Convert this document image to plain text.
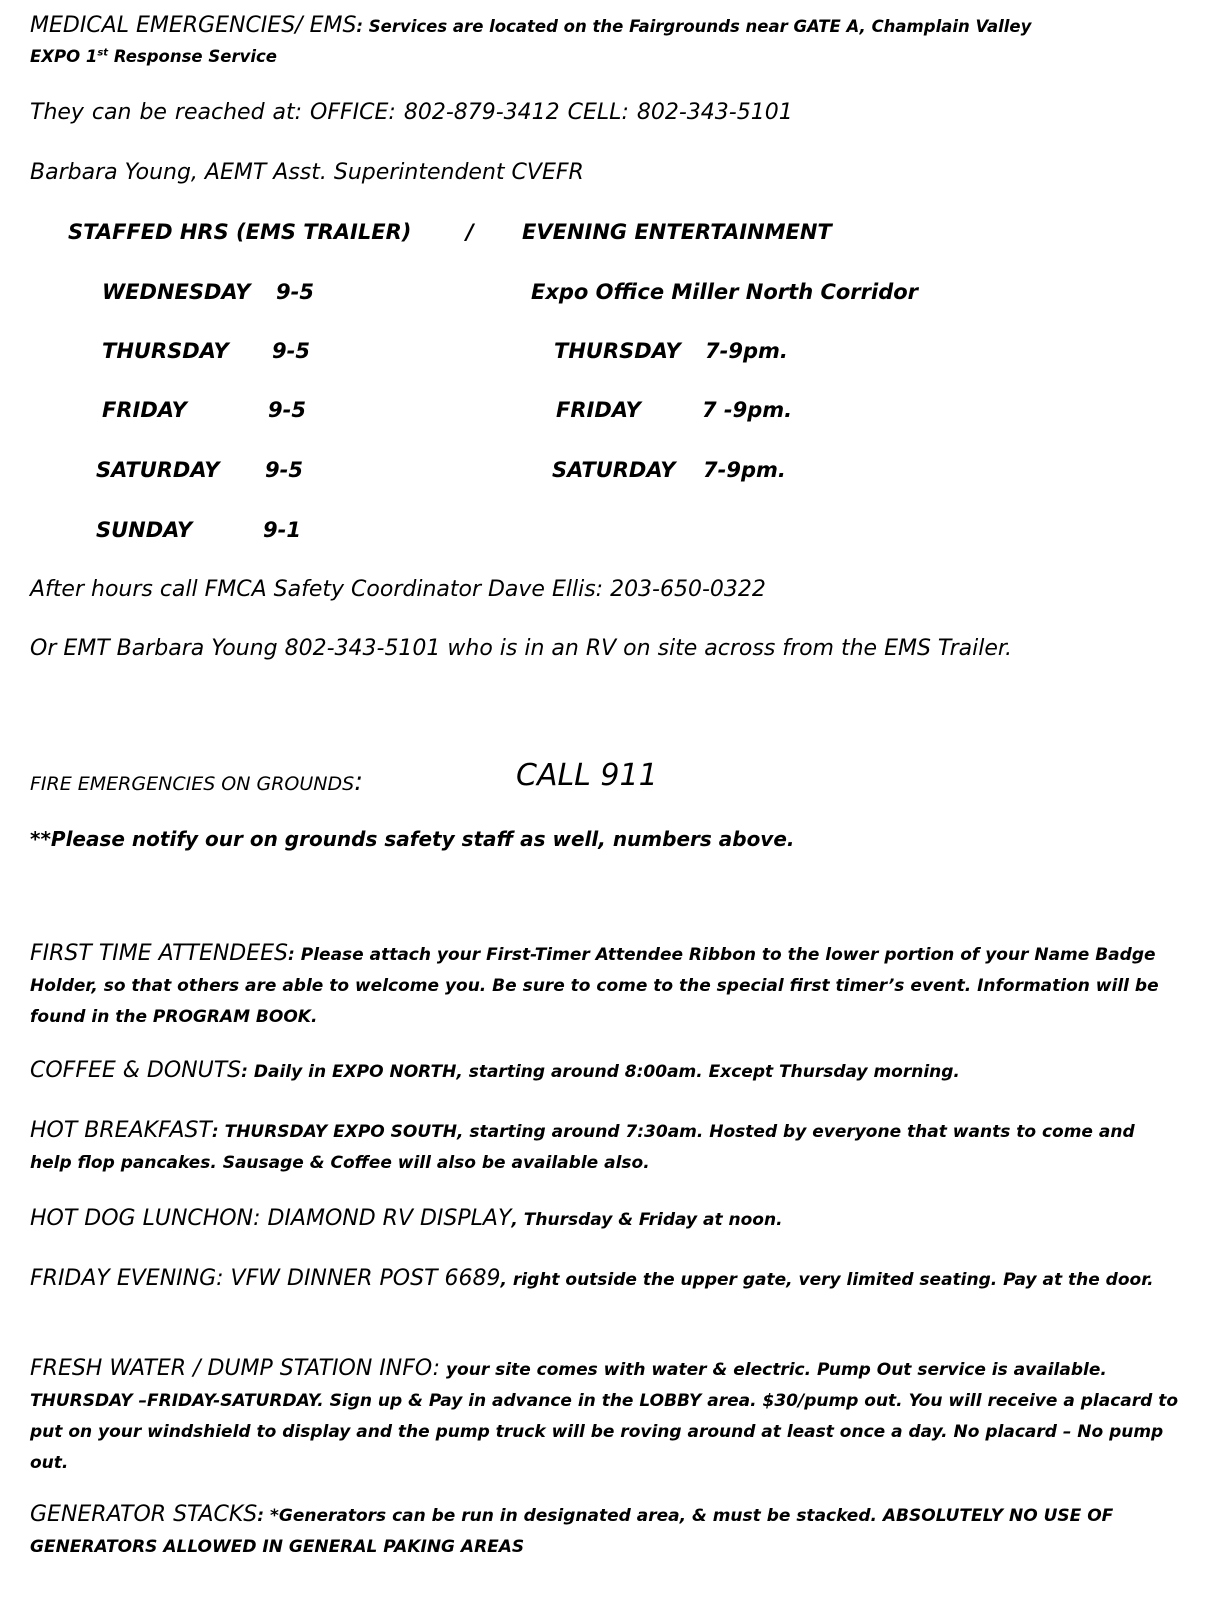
MEDICAL EMERGENCIES/ EMS: Services are located on the Fairgrounds near GATE A, Champlain Valley
EXPO 1st Response Service
They can be reached at: OFFICE: 802-879-3412 CELL: 802-343-5101
Barbara Young, AEMT Asst. Superintendent CVEFR
STAFFED HRS (EMS TRAILER)	/ EVENING ENTERTAINMENT
WEDNESDAY 9-5	Expo Office Miller North Corridor
THURSDAY 9-5	THURSDAY 7-9pm.
FRIDAY	9-5	FRIDAY	7 -9pm.
SATURDAY 9-5	SATURDAY 7-9pm.
SUNDAY	9-1
After hours call FMCA Safety Coordinator Dave Ellis: 203-650-0322
Or EMT Barbara Young 802-343-5101 who is in an RV on site across from the EMS Trailer.
FIRE EMERGENCIES ON GROUNDS:	CALL 911
**Please notify our on grounds safety staff as well, numbers above.
FIRST TIME ATTENDEES: Please attach your First-Timer Attendee Ribbon to the lower portion of your Name Badge Holder, so that others are able to welcome you. Be sure to come to the special first timer’s event. Information will be found in the PROGRAM BOOK.
COFFEE & DONUTS: Daily in EXPO NORTH, starting around 8:00am. Except Thursday morning.
HOT BREAKFAST: THURSDAY EXPO SOUTH, starting around 7:30am. Hosted by everyone that wants to come and help flop pancakes. Sausage & Coffee will also be available also.
HOT DOG LUNCHON: DIAMOND RV DISPLAY, Thursday & Friday at noon.
FRIDAY EVENING: VFW DINNER POST 6689, right outside the upper gate, very limited seating. Pay at the door.
FRESH WATER / DUMP STATION INFO: your site comes with water & electric. Pump Out service is available. THURSDAY –FRIDAY-SATURDAY. Sign up & Pay in advance in the LOBBY area. $30/pump out. You will receive a placard to put on your windshield to display and the pump truck will be roving around at least once a day. No placard – No pump out.
GENERATOR STACKS: *Generators can be run in designated area, & must be stacked. ABSOLUTELY NO USE OF GENERATORS ALLOWED IN GENERAL PAKING AREAS
